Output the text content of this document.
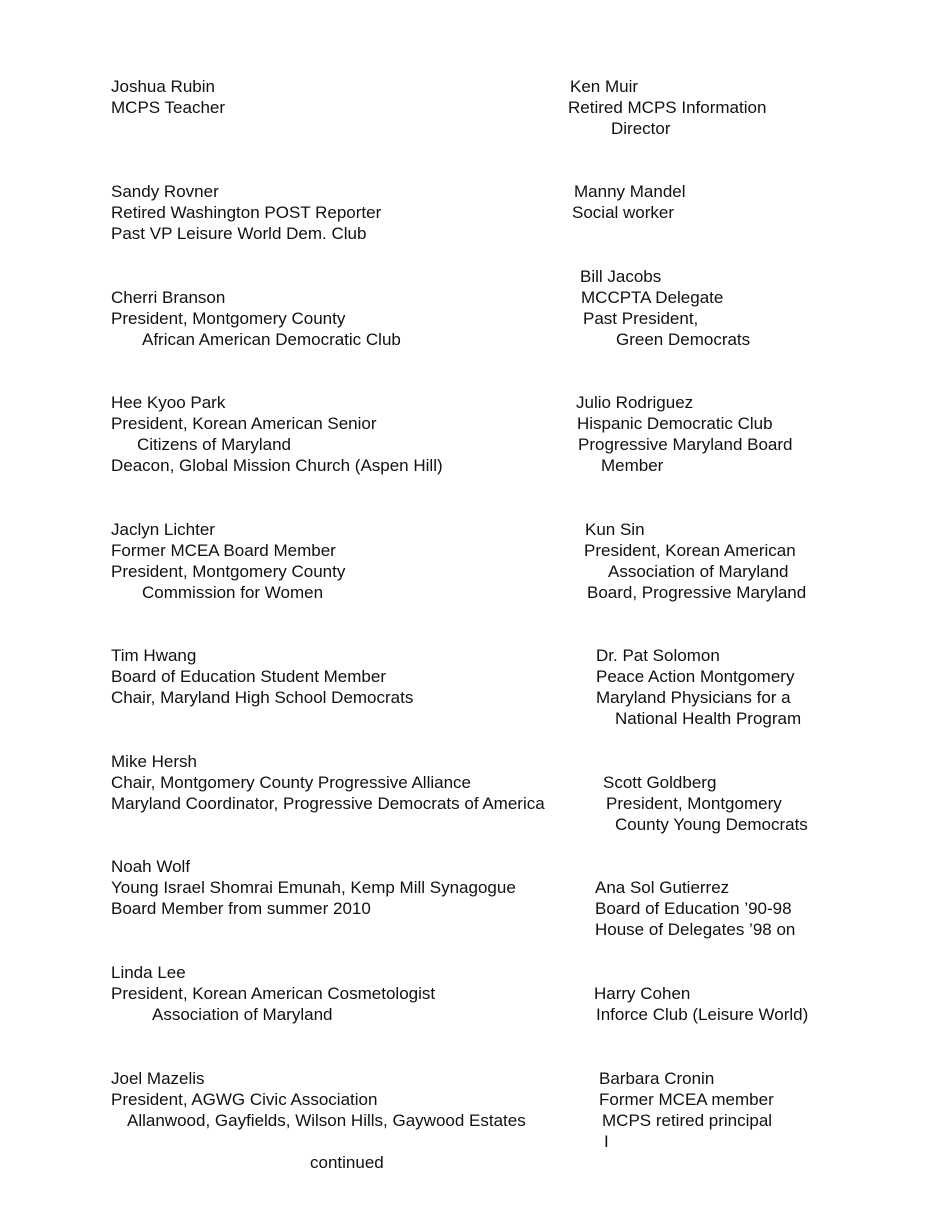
Joshua Rubin
MCPS Teacher
Sandy Rovner
Retired Washington POST Reporter
Past VP Leisure World Dem. Club
Cherri Branson
President, Montgomery County
African American Democratic Club
Hee Kyoo Park
President, Korean American Senior
Citizens of Maryland
Deacon, Global Mission Church (Aspen Hill)
Jaclyn Lichter
Former MCEA Board Member
President, Montgomery County
Commission for Women
Tim Hwang
Board of Education Student Member
Chair, Maryland High School Democrats
Mike Hersh
Chair, Montgomery County Progressive Alliance
Maryland Coordinator, Progressive Democrats of America
Noah Wolf
Young Israel Shomrai Emunah, Kemp Mill Synagogue
Board Member from summer 2010
Linda Lee
President, Korean American Cosmetologist
Association of Maryland
Joel Mazelis
President, AGWG Civic Association
Allanwood, Gayfields, Wilson Hills, Gaywood Estates
Ken Muir
Retired MCPS Information
Director
Manny Mandel
Social worker
Bill Jacobs
MCCPTA Delegate
Past President,
Green Democrats
Julio Rodriguez
Hispanic Democratic Club
Progressive Maryland Board
Member
Kun Sin
President, Korean American
Association of Maryland
Board, Progressive Maryland
Dr. Pat Solomon
Peace Action Montgomery
Maryland Physicians for a
National Health Program
Scott Goldberg
President, Montgomery
County Young Democrats
Ana Sol Gutierrez
Board of Education ’90-98
House of Delegates ’98 on
Harry Cohen
Inforce Club (Leisure World)
Barbara Cronin
Former MCEA member
MCPS retired principal
I
continued
